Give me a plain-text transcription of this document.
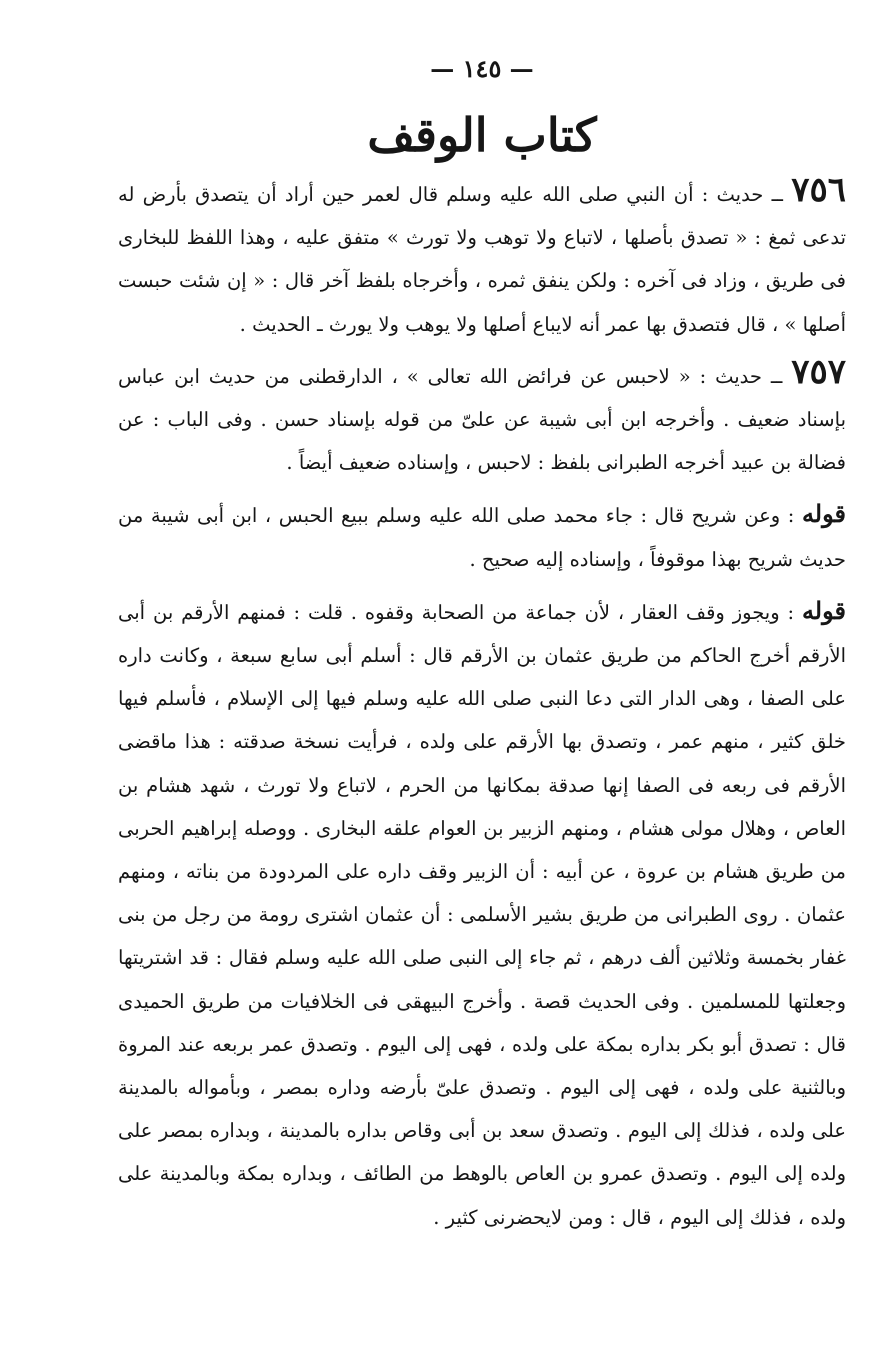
— ١٤٥ —
كتاب الوقف

٧٥٦ ــ حديث : أن النبي صلى الله عليه وسلم قال لعمر حين أراد أن يتصدق بأرض له تدعى ثمغ : « تصدق بأصلها ، لاتباع ولا توهب ولا تورث » متفق عليه ، وهذا اللفظ للبخارى فى طريق ، وزاد فى آخره : ولكن ينفق ثمره ، وأخرجاه بلفظ آخر قال : « إن شئت حبست أصلها » ، قال فتصدق بها عمر أنه لايباع أصلها ولا يوهب ولا يورث ـ الحديث .

٧٥٧ ــ حديث : « لاحبس عن فرائض الله تعالى » ، الدارقطنى من حديث ابن عباس بإسناد ضعيف . وأخرجه ابن أبى شيبة عن علىّ من قوله بإسناد حسن . وفى الباب : عن فضالة بن عبيد أخرجه الطبرانى بلفظ : لاحبس ، وإسناده ضعيف أيضاً .

قوله : وعن شريح قال : جاء محمد صلى الله عليه وسلم ببيع الحبس ، ابن أبى شيبة من حديث شريح بهذا موقوفاً ، وإسناده إليه صحيح .

قوله : ويجوز وقف العقار ، لأن جماعة من الصحابة وقفوه . قلت : فمنهم الأرقم بن أبى الأرقم أخرج الحاكم من طريق عثمان بن الأرقم قال : أسلم أبى سابع سبعة ، وكانت داره على الصفا ، وهى الدار التى دعا النبى صلى الله عليه وسلم فيها إلى الإسلام ، فأسلم فيها خلق كثير ، منهم عمر ، وتصدق بها الأرقم على ولده ، فرأيت نسخة صدقته : هذا ماقضى الأرقم فى ربعه فى الصفا إنها صدقة بمكانها من الحرم ، لاتباع ولا تورث ، شهد هشام بن العاص ، وهلال مولى هشام ، ومنهم الزبير بن العوام علقه البخارى . ووصله إبراهيم الحربى من طريق هشام بن عروة ، عن أبيه : أن الزبير وقف داره على المردودة من بناته ، ومنهم عثمان . روى الطبرانى من طريق بشير الأسلمى : أن عثمان اشترى رومة من رجل من بنى غفار بخمسة وثلاثين ألف درهم ، ثم جاء إلى النبى صلى الله عليه وسلم فقال : قد اشتريتها وجعلتها للمسلمين . وفى الحديث قصة . وأخرج البيهقى فى الخلافيات من طريق الحميدى قال : تصدق أبو بكر بداره بمكة على ولده ، فهى إلى اليوم . وتصدق عمر بربعه عند المروة وبالثنية على ولده ، فهى إلى اليوم . وتصدق علىّ بأرضه وداره بمصر ، وبأمواله بالمدينة على ولده ، فذلك إلى اليوم . وتصدق سعد بن أبى وقاص بداره بالمدينة ، وبداره بمصر على ولده إلى اليوم . وتصدق عمرو بن العاص بالوهط من الطائف ، وبداره بمكة وبالمدينة على ولده ، فذلك إلى اليوم ، قال : ومن لايحضرنى كثير .
